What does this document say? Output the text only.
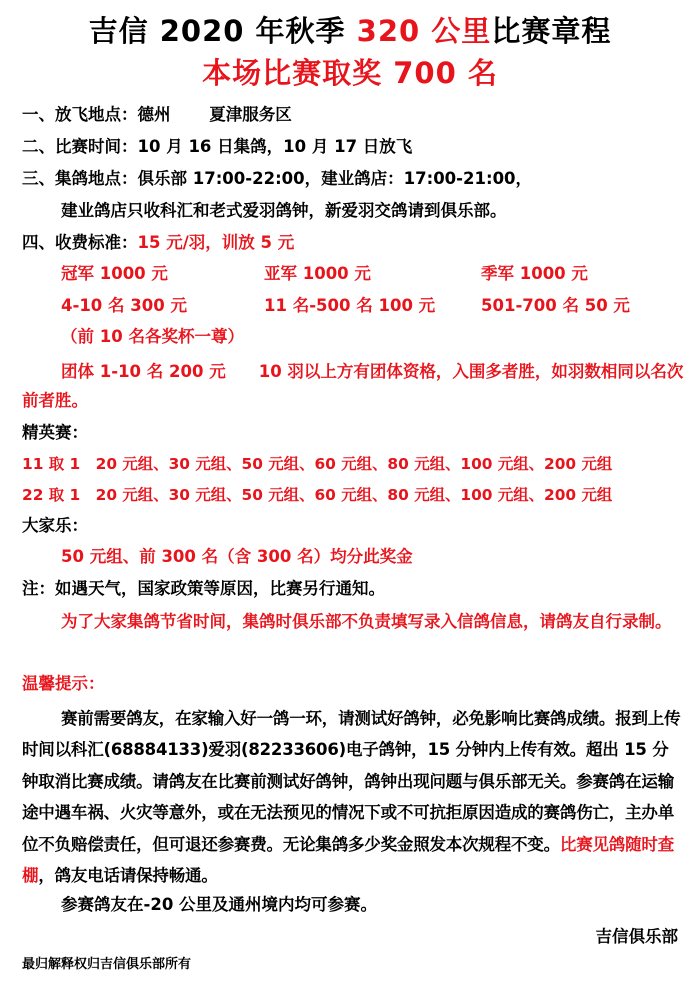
吉信 2020 年秋季 320 公里比赛章程
本场比赛取奖 700 名
一、放飞地点：德州　　 夏津服务区
二、比赛时间：10 月 16 日集鸽，10 月 17 日放飞
三、集鸽地点：俱乐部 17:00-22:00，建业鸽店：17:00-21:00，
建业鸽店只收科汇和老式爱羽鸽钟，新爱羽交鸽请到俱乐部。
四、收费标准：15 元/羽，训放 5 元
冠军 1000 元	亚军 1000 元	季军 1000 元
4-10 名 300 元	11 名-500 名 100 元	501-700 名 50 元
（前 10 名各奖杯一尊）
团体 1-10 名 200 元　　10 羽以上方有团体资格，入围多者胜，如羽数相同以名次前者胜。
精英赛：
11 取 1　20 元组、30 元组、50 元组、60 元组、80 元组、100 元组、200 元组
22 取 1　20 元组、30 元组、50 元组、60 元组、80 元组、100 元组、200 元组
大家乐：
50 元组、前 300 名（含 300 名）均分此奖金
注：如遇天气，国家政策等原因，比赛另行通知。
为了大家集鸽节省时间，集鸽时俱乐部不负责填写录入信鸽信息，请鸽友自行录制。
温馨提示：
赛前需要鸽友，在家输入好一鸽一环，请测试好鸽钟，必免影响比赛鸽成绩。报到上传时间以科汇(68884133)爱羽(82233606)电子鸽钟，15 分钟内上传有效。超出 15 分钟取消比赛成绩。请鸽友在比赛前测试好鸽钟，鸽钟出现问题与俱乐部无关。参赛鸽在运输途中遇车祸、火灾等意外，或在无法预见的情况下或不可抗拒原因造成的赛鸽伤亡，主办单位不负赔偿责任，但可退还参赛费。无论集鸽多少奖金照发本次规程不变。比赛见鸽随时查棚，鸽友电话请保持畅通。
参赛鸽友在-20 公里及通州境内均可参赛。
吉信俱乐部
最归解释权归吉信俱乐部所有
